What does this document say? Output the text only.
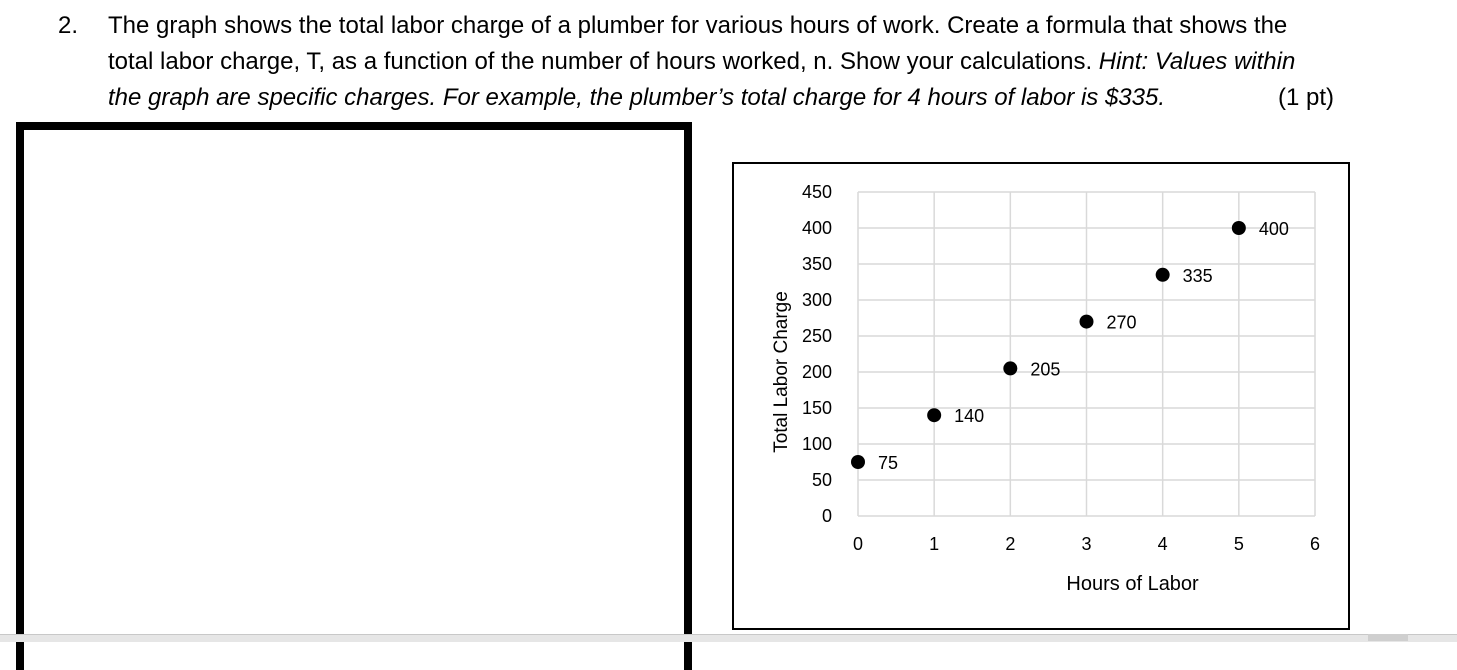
2. The graph shows the total labor charge of a plumber for various hours of work. Create a formula that shows the
total labor charge, T, as a function of the number of hours worked, n. Show your calculations. Hint: Values within
the graph are specific charges. For example, the plumber’s total charge for 4 hours of labor is $335.	(1 pt)
0
50
100
150
200
250
300
350
400
450
0	1	2	3	4	5	6
Hours of Labor
Total Labor Charge
75
140
205
270
335
400
